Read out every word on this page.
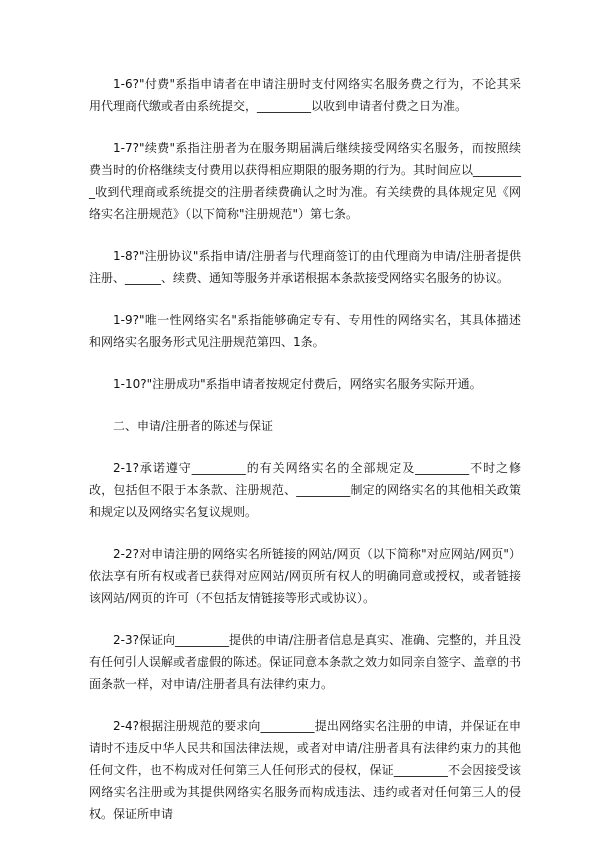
1-6?"付费"系指申请者在申请注册时支付网络实名服务费之行为，不论其采用代理商代缴或者由系统提交，_________以收到申请者付费之日为准。

1-7?"续费"系指注册者为在服务期届满后继续接受网络实名服务，而按照续费当时的价格继续支付费用以获得相应期限的服务期的行为。其时间应以_________收到代理商或系统提交的注册者续费确认之时为准。有关续费的具体规定见《网络实名注册规范》（以下简称"注册规范"）第七条。

1-8?"注册协议"系指申请/注册者与代理商签订的由代理商为申请/注册者提供注册、______、续费、通知等服务并承诺根据本条款接受网络实名服务的协议。

1-9?"唯一性网络实名"系指能够确定专有、专用性的网络实名，其具体描述和网络实名服务形式见注册规范第四、1条。

1-10?"注册成功"系指申请者按规定付费后，网络实名服务实际开通。

二、申请/注册者的陈述与保证

2-1?承诺遵守_________的有关网络实名的全部规定及_________不时之修改，包括但不限于本条款、注册规范、_________制定的网络实名的其他相关政策和规定以及网络实名复议规则。

2-2?对申请注册的网络实名所链接的网站/网页（以下简称"对应网站/网页"）依法享有所有权或者已获得对应网站/网页所有权人的明确同意或授权，或者链接该网站/网页的许可（不包括友情链接等形式或协议）。

2-3?保证向_________提供的申请/注册者信息是真实、准确、完整的，并且没有任何引人误解或者虚假的陈述。保证同意本条款之效力如同亲自签字、盖章的书面条款一样，对申请/注册者具有法律约束力。

2-4?根据注册规范的要求向_________提出网络实名注册的申请，并保证在申请时不违反中华人民共和国法律法规，或者对申请/注册者具有法律约束力的其他任何文件，也不构成对任何第三人任何形式的侵权，保证_________不会因接受该网络实名注册或为其提供网络实名服务而构成违法、违约或者对任何第三人的侵权。保证所申请
